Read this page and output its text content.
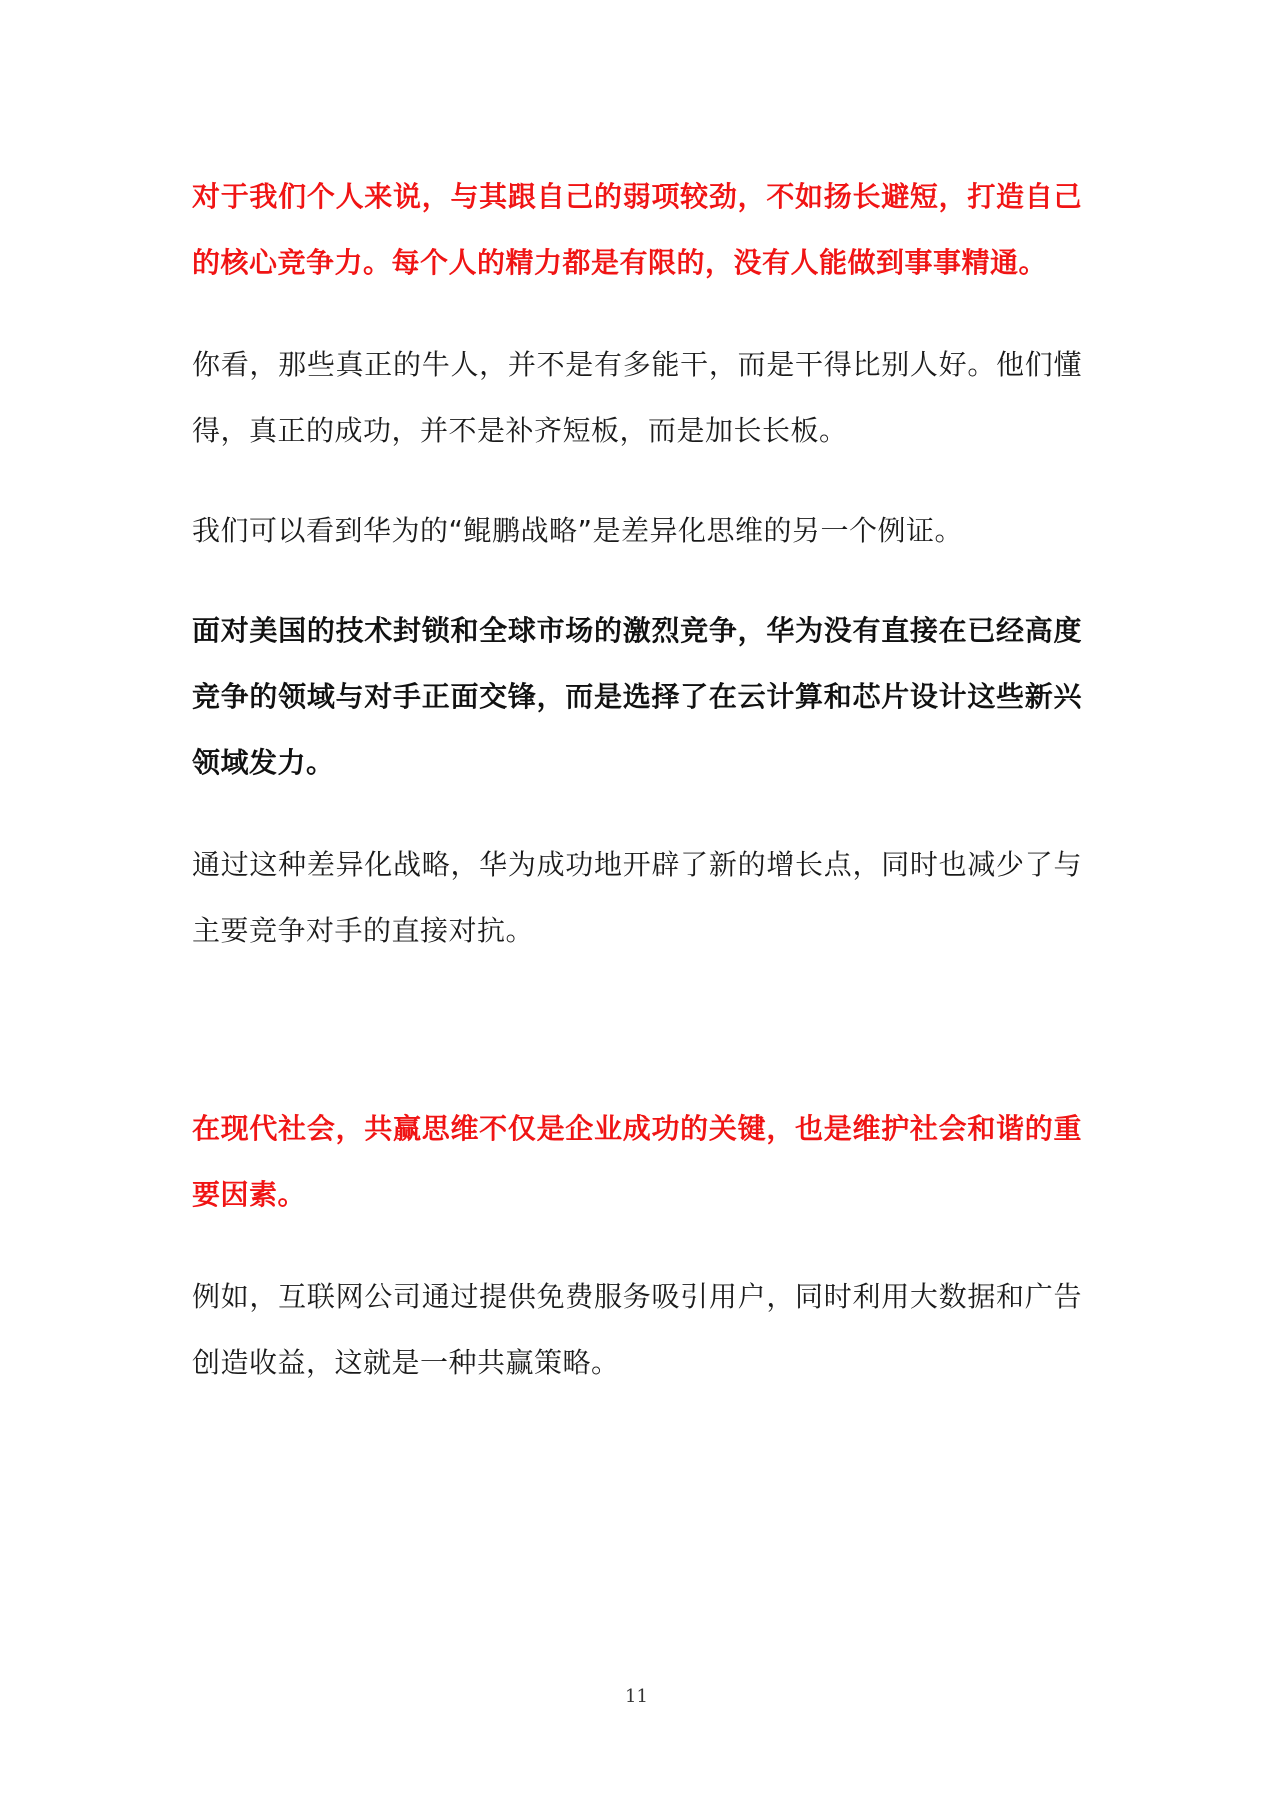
对于我们个人来说，与其跟自己的弱项较劲，不如扬长避短，打造自己的核心竞争力。每个人的精力都是有限的，没有人能做到事事精通。

你看，那些真正的牛人，并不是有多能干，而是干得比别人好。他们懂得，真正的成功，并不是补齐短板，而是加长长板。

我们可以看到华为的“鲲鹏战略”是差异化思维的另一个例证。

面对美国的技术封锁和全球市场的激烈竞争，华为没有直接在已经高度竞争的领域与对手正面交锋，而是选择了在云计算和芯片设计这些新兴领域发力。

通过这种差异化战略，华为成功地开辟了新的增长点，同时也减少了与主要竞争对手的直接对抗。

在现代社会，共赢思维不仅是企业成功的关键，也是维护社会和谐的重要因素。

例如，互联网公司通过提供免费服务吸引用户，同时利用大数据和广告创造收益，这就是一种共赢策略。

11
